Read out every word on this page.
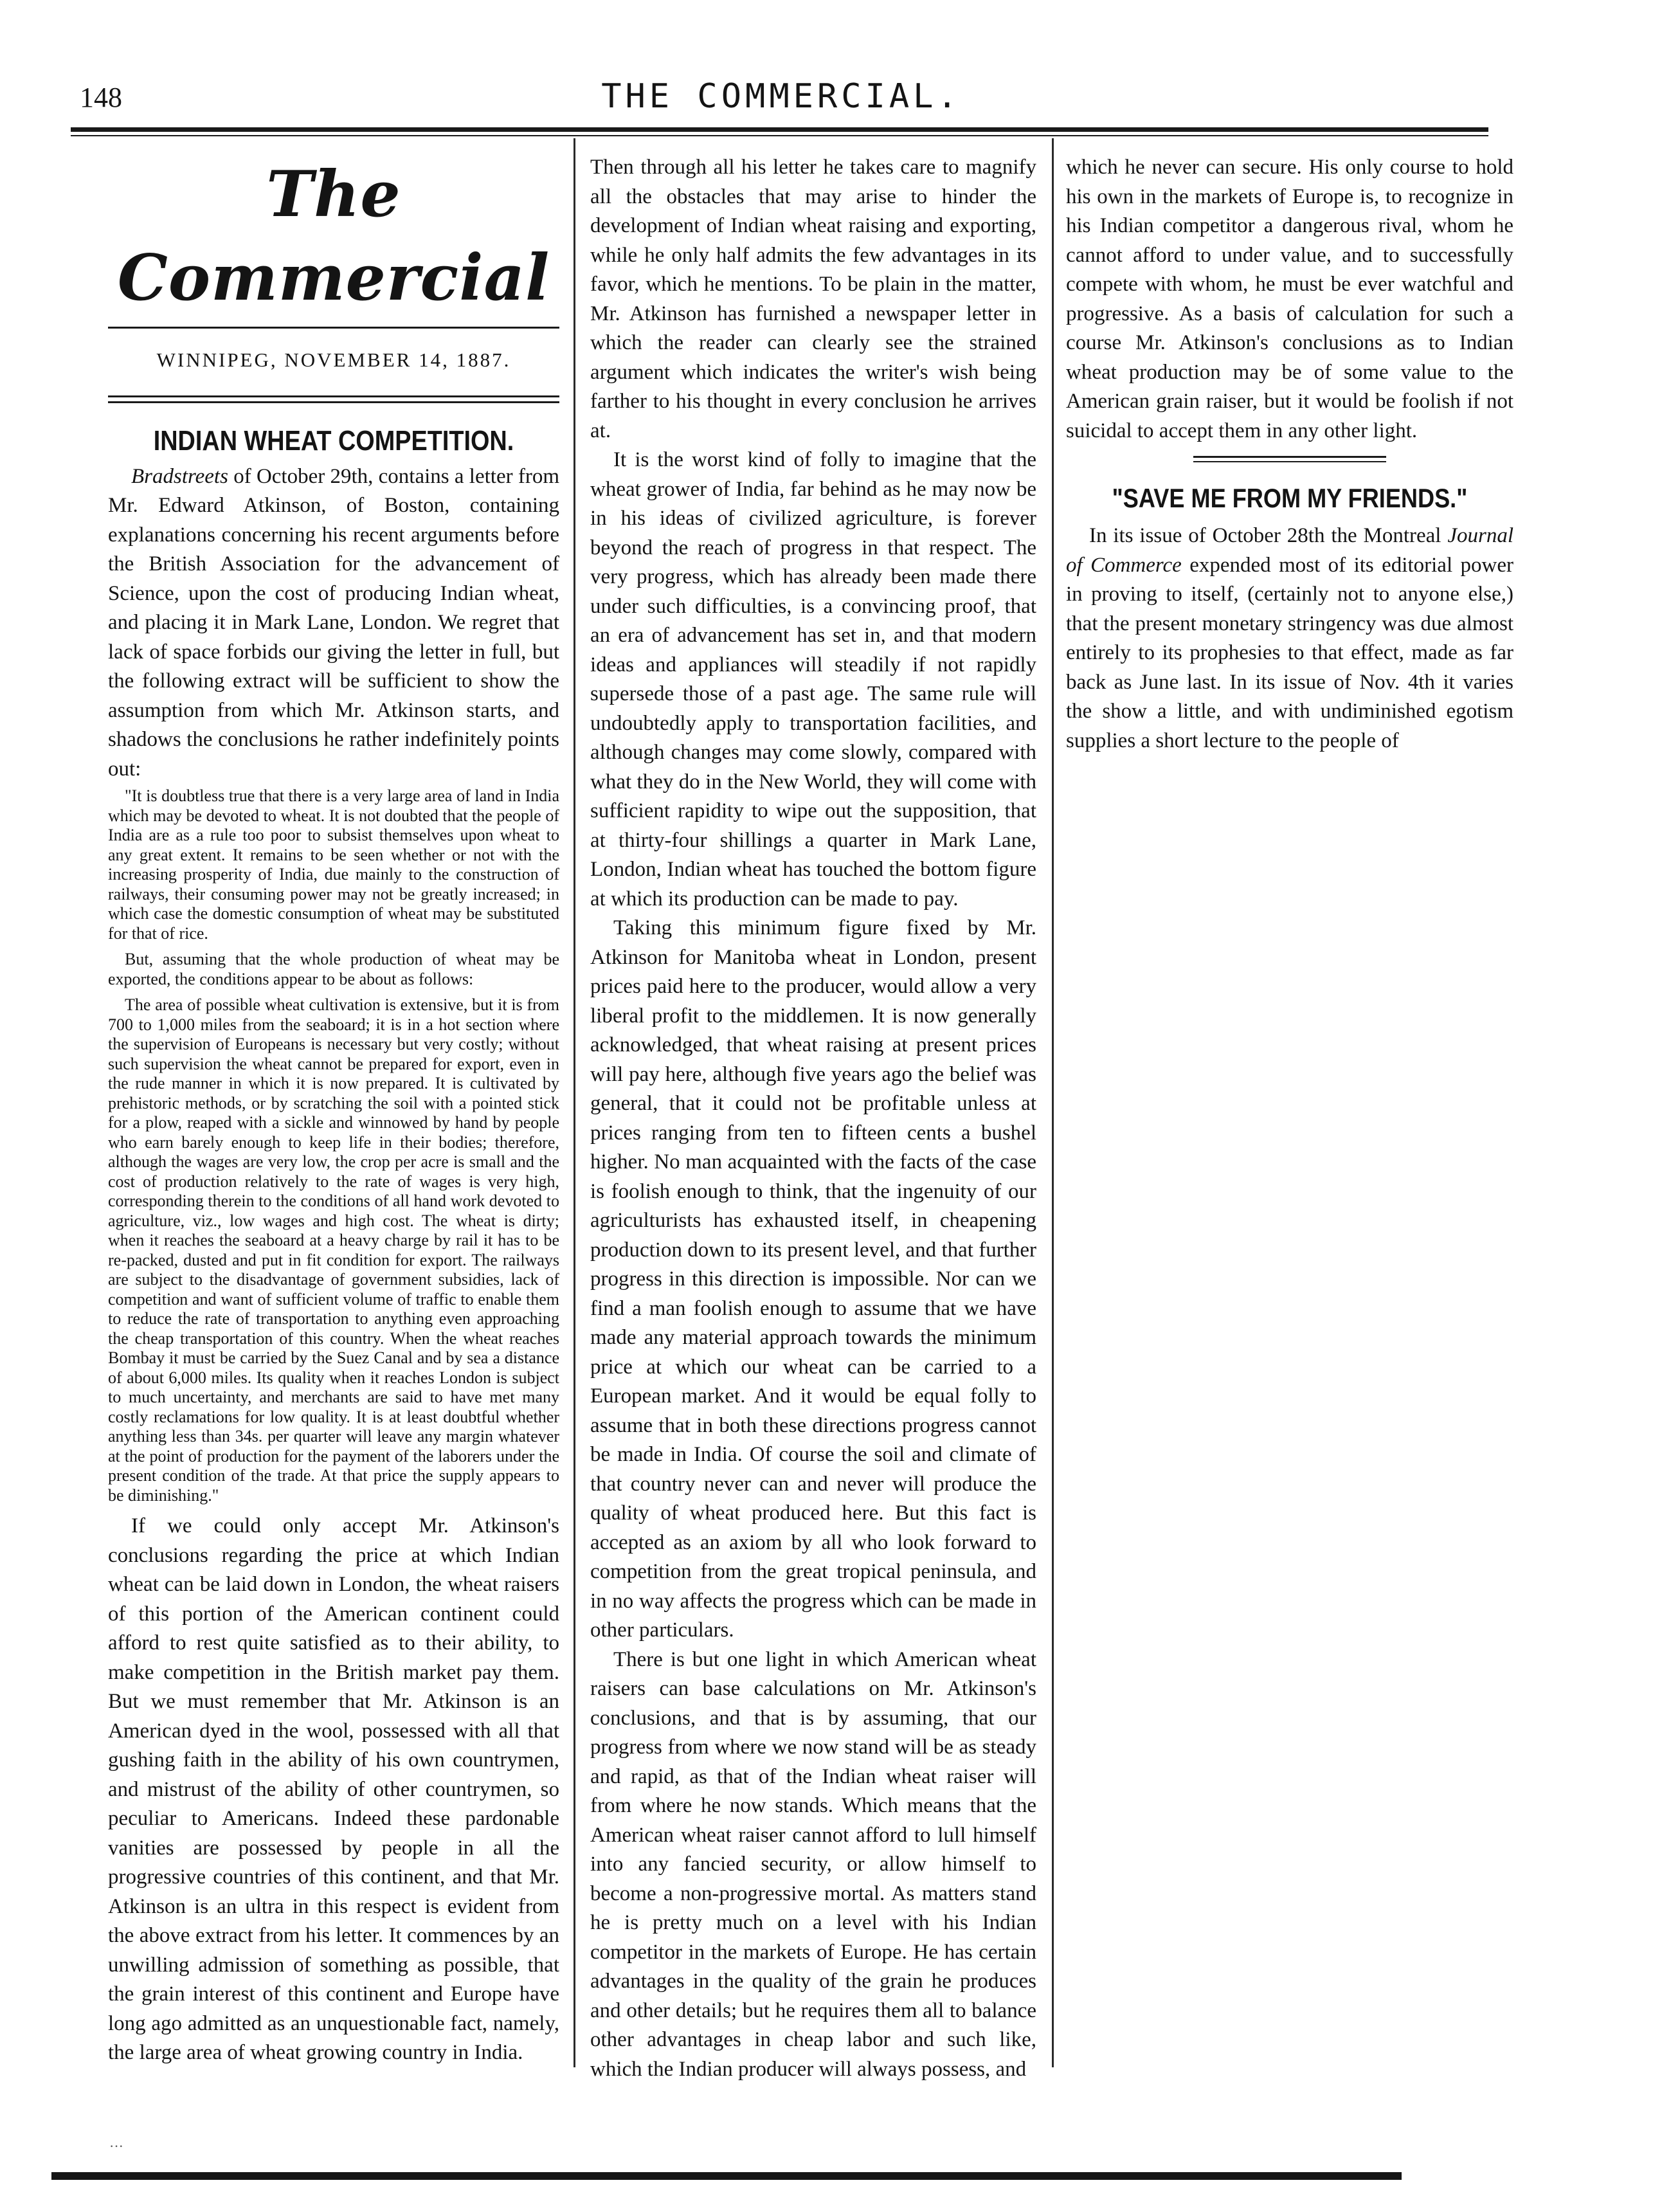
148	THE COMMERCIAL.
The Commercial
WINNIPEG, NOVEMBER 14, 1887.
INDIAN WHEAT COMPETITION.

Bradstreets of October 29th, contains a letter from Mr. Edward Atkinson, of Boston, containing explanations concerning his recent arguments before the British Association for the advancement of Science, upon the cost of producing Indian wheat, and placing it in Mark Lane, London. We regret that lack of space forbids our giving the letter in full, but the following extract will be sufficient to show the assumption from which Mr. Atkinson starts, and shadows the conclusions he rather indefinitely points out:

"It is doubtless true that there is a very large area of land in India which may be devoted to wheat. It is not doubted that the people of India are as a rule too poor to subsist themselves upon wheat to any great extent. It remains to be seen whether or not with the increasing prosperity of India, due mainly to the construction of railways, their consuming power may not be greatly increased; in which case the domestic consumption of wheat may be substituted for that of rice.

But, assuming that the whole production of wheat may be exported, the conditions appear to be about as follows:

The area of possible wheat cultivation is extensive, but it is from 700 to 1,000 miles from the seaboard; it is in a hot section where the supervision of Europeans is necessary but very costly; without such supervision the wheat cannot be prepared for export, even in the rude manner in which it is now prepared. It is cultivated by prehistoric methods, or by scratching the soil with a pointed stick for a plow, reaped with a sickle and winnowed by hand by people who earn barely enough to keep life in their bodies; therefore, although the wages are very low, the crop per acre is small and the cost of production relatively to the rate of wages is very high, corresponding therein to the conditions of all hand work devoted to agriculture, viz., low wages and high cost. The wheat is dirty; when it reaches the seaboard at a heavy charge by rail it has to be re-packed, dusted and put in fit condition for export. The railways are subject to the disadvantage of government subsidies, lack of competition and want of sufficient volume of traffic to enable them to reduce the rate of transportation to anything even approaching the cheap transportation of this country. When the wheat reaches Bombay it must be carried by the Suez Canal and by sea a distance of about 6,000 miles. Its quality when it reaches London is subject to much uncertainty, and merchants are said to have met many costly reclamations for low quality. It is at least doubtful whether anything less than 34s. per quarter will leave any margin whatever at the point of production for the payment of the laborers under the present condition of the trade. At that price the supply appears to be diminishing."

If we could only accept Mr. Atkinson's conclusions regarding the price at which Indian wheat can be laid down in London, the wheat raisers of this portion of the American continent could afford to rest quite satisfied as to their ability, to make competition in the British market pay them. But we must remember that Mr. Atkinson is an American dyed in the wool, possessed with all that gushing faith in the ability of his own countrymen, and mistrust of the ability of other countrymen, so peculiar to Americans. Indeed these pardonable vanities are possessed by people in all the progressive countries of this continent, and that Mr. Atkinson is an ultra in this respect is evident from the above extract from his letter. It commences by an unwilling admission of something as possible, that the grain interest of this continent and Europe have long ago admitted as an unquestionable fact, namely, the large area of wheat growing country in India.

Then through all his letter he takes care to magnify all the obstacles that may arise to hinder the development of Indian wheat raising and exporting, while he only half admits the few advantages in its favor, which he mentions. To be plain in the matter, Mr. Atkinson has furnished a newspaper letter in which the reader can clearly see the strained argument which indicates the writer's wish being farther to his thought in every conclusion he arrives at.

It is the worst kind of folly to imagine that the wheat grower of India, far behind as he may now be in his ideas of civilized agriculture, is forever beyond the reach of progress in that respect. The very progress, which has already been made there under such difficulties, is a convincing proof, that an era of advancement has set in, and that modern ideas and appliances will steadily if not rapidly supersede those of a past age. The same rule will undoubtedly apply to transportation facilities, and although changes may come slowly, compared with what they do in the New World, they will come with sufficient rapidity to wipe out the supposition, that at thirty-four shillings a quarter in Mark Lane, London, Indian wheat has touched the bottom figure at which its production can be made to pay.

Taking this minimum figure fixed by Mr. Atkinson for Manitoba wheat in London, present prices paid here to the producer, would allow a very liberal profit to the middlemen. It is now generally acknowledged, that wheat raising at present prices will pay here, although five years ago the belief was general, that it could not be profitable unless at prices ranging from ten to fifteen cents a bushel higher. No man acquainted with the facts of the case is foolish enough to think, that the ingenuity of our agriculturists has exhausted itself, in cheapening production down to its present level, and that further progress in this direction is impossible. Nor can we find a man foolish enough to assume that we have made any material approach towards the minimum price at which our wheat can be carried to a European market. And it would be equal folly to assume that in both these directions progress cannot be made in India. Of course the soil and climate of that country never can and never will produce the quality of wheat produced here. But this fact is accepted as an axiom by all who look forward to competition from the great tropical peninsula, and in no way affects the progress which can be made in other particulars.

There is but one light in which American wheat raisers can base calculations on Mr. Atkinson's conclusions, and that is by assuming, that our progress from where we now stand will be as steady and rapid, as that of the Indian wheat raiser will from where he now stands. Which means that the American wheat raiser cannot afford to lull himself into any fancied security, or allow himself to become a non-progressive mortal. As matters stand he is pretty much on a level with his Indian competitor in the markets of Europe. He has certain advantages in the quality of the grain he produces and other details; but he requires them all to balance other advantages in cheap labor and such like, which the Indian producer will always possess, and

which he never can secure. His only course to hold his own in the markets of Europe is, to recognize in his Indian competitor a dangerous rival, whom he cannot afford to under value, and to successfully compete with whom, he must be ever watchful and progressive. As a basis of calculation for such a course Mr. Atkinson's conclusions as to Indian wheat production may be of some value to the American grain raiser, but it would be foolish if not suicidal to accept them in any other light.

"SAVE ME FROM MY FRIENDS."

In its issue of October 28th the Montreal Journal of Commerce expended most of its editorial power in proving to itself, (certainly not to anyone else,) that the present monetary stringency was due almost entirely to its prophesies to that effect, made as far back as June last. In its issue of Nov. 4th it varies the show a little, and with undiminished egotism supplies a short lecture to the people of

···
